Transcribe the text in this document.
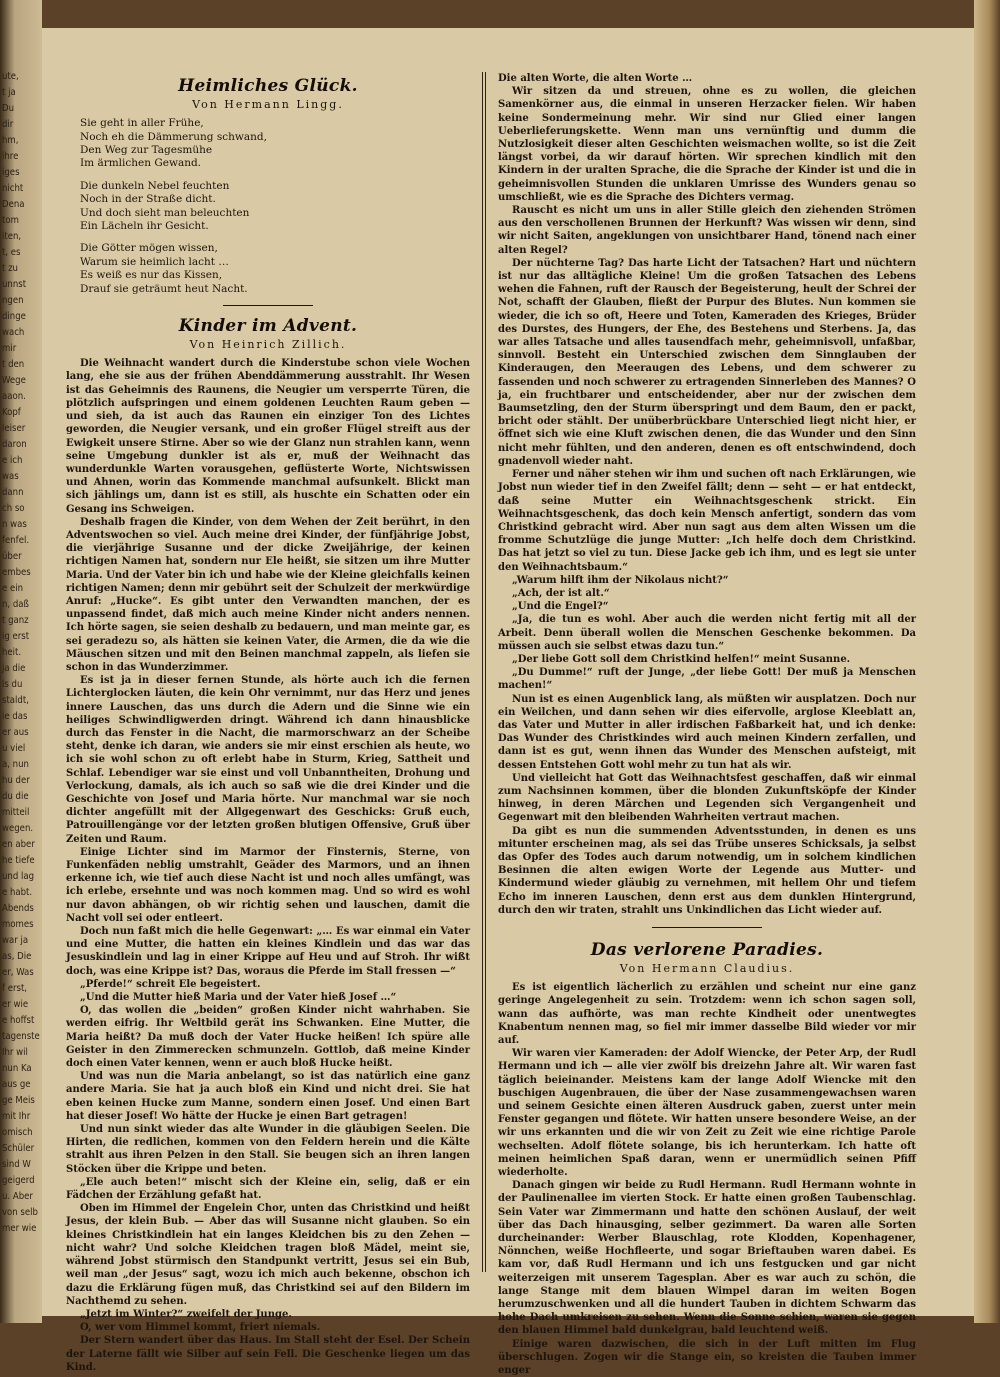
ute,
t ja
Du
dir
hm,
ihre
iges
nicht
Dena
tom
iten,
t, es
t zu
unnst
ngen
dinge
wach
mir
t den
Wege
aaon.
Kopf
leiser
daron
e ich
was
dann
ch so
n was
fenfel.
über
embes
e ein
n, daß
t ganz
ig erst
heit.
ja die
ls du
staldt,
ie das
er aus
u viel
a, nun
hu der
du die
mitteil
wegen.
en aber
he tiefe
und lag
e habt.
Abends
momes
war ja
as, Die
er, Was
f erst,
er wie
e hoffst
tagenste
Ihr wil
nun Ka
aus ge
ge Meis
mit Ihr
omisch
Schüler
sind W
geigerd
u. Aber
von selb
mer wie
Heimliches Glück.
Von Hermann Lingg.

Sie geht in aller Frühe,

Noch eh die Dämmerung schwand,

Den Weg zur Tagesmühe

Im ärmlichen Gewand.

Die dunkeln Nebel feuchten

Noch in der Straße dicht.

Und doch sieht man beleuchten

Ein Lächeln ihr Gesicht.

Die Götter mögen wissen,

Warum sie heimlich lacht …

Es weiß es nur das Kissen,

Drauf sie geträumt heut Nacht.

Kinder im Advent.
Von Heinrich Zillich.

Die Weihnacht wandert durch die Kinderstube schon viele Wochen lang, ehe sie aus der frühen Abenddämmerung ausstrahlt. Ihr Wesen ist das Geheimnis des Raunens, die Neugier um versperrte Türen, die plötzlich aufspringen und einem goldenen Leuchten Raum geben — und sieh, da ist auch das Raunen ein einziger Ton des Lichtes geworden, die Neugier versank, und ein großer Flügel streift aus der Ewigkeit unsere Stirne. Aber so wie der Glanz nun strahlen kann, wenn seine Umgebung dunkler ist als er, muß der Weihnacht das wunderdunkle Warten vorausgehen, geflüsterte Worte, Nichtswissen und Ahnen, worin das Kommende manchmal aufsunkelt. Blickt man sich jählings um, dann ist es still, als huschte ein Schatten oder ein Gesang ins Schweigen.

Deshalb fragen die Kinder, von dem Wehen der Zeit berührt, in den Adventswochen so viel. Auch meine drei Kinder, der fünfjährige Jobst, die vierjährige Susanne und der dicke Zweijährige, der keinen richtigen Namen hat, sondern nur Ele heißt, sie sitzen um ihre Mutter Maria. Und der Vater bin ich und habe wie der Kleine gleichfalls keinen richtigen Namen; denn mir gebührt seit der Schulzeit der merkwürdige Anruf: „Hucke“. Es gibt unter den Verwandten manchen, der es unpassend findet, daß mich auch meine Kinder nicht anders nennen. Ich hörte sagen, sie seien deshalb zu bedauern, und man meinte gar, es sei geradezu so, als hätten sie keinen Vater, die Armen, die da wie die Mäuschen sitzen und mit den Beinen manchmal zappeln, als liefen sie schon in das Wunderzimmer.

Es ist ja in dieser fernen Stunde, als hörte auch ich die fernen Lichterglocken läuten, die kein Ohr vernimmt, nur das Herz und jenes innere Lauschen, das uns durch die Adern und die Sinne wie ein heiliges Schwindligwerden dringt. Während ich dann hinausblicke durch das Fenster in die Nacht, die marmorschwarz an der Scheibe steht, denke ich daran, wie anders sie mir einst erschien als heute, wo ich sie wohl schon zu oft erlebt habe in Sturm, Krieg, Sattheit und Schlaf. Lebendiger war sie einst und voll Unbanntheiten, Drohung und Verlockung, damals, als ich auch so saß wie die drei Kinder und die Geschichte von Josef und Maria hörte. Nur manchmal war sie noch dichter angefüllt mit der Allgegenwart des Geschicks: Gruß euch, Patrouillengänge vor der letzten großen blutigen Offensive, Gruß über Zeiten und Raum.

Einige Lichter sind im Marmor der Finsternis, Sterne, von Funkenfäden neblig umstrahlt, Geäder des Marmors, und an ihnen erkenne ich, wie tief auch diese Nacht ist und noch alles umfängt, was ich erlebe, ersehnte und was noch kommen mag. Und so wird es wohl nur davon abhängen, ob wir richtig sehen und lauschen, damit die Nacht voll sei oder entleert.

Doch nun faßt mich die helle Gegenwart: „… Es war einmal ein Vater und eine Mutter, die hatten ein kleines Kindlein und das war das Jesuskindlein und lag in einer Krippe auf Heu und auf Stroh. Ihr wißt doch, was eine Krippe ist? Das, woraus die Pferde im Stall fressen —“

„Pferde!“ schreit Ele begeistert.

„Und die Mutter hieß Maria und der Vater hieß Josef …“

O, das wollen die „beiden“ großen Kinder nicht wahrhaben. Sie werden eifrig. Ihr Weltbild gerät ins Schwanken. Eine Mutter, die Maria heißt? Da muß doch der Vater Hucke heißen! Ich spüre alle Geister in den Zimmerecken schmunzeln. Gottlob, daß meine Kinder doch einen Vater kennen, wenn er auch bloß Hucke heißt.

Und was nun die Maria anbelangt, so ist das natürlich eine ganz andere Maria. Sie hat ja auch bloß ein Kind und nicht drei. Sie hat eben keinen Hucke zum Manne, sondern einen Josef. Und einen Bart hat dieser Josef! Wo hätte der Hucke je einen Bart getragen!

Und nun sinkt wieder das alte Wunder in die gläubigen Seelen. Die Hirten, die redlichen, kommen von den Feldern herein und die Kälte strahlt aus ihren Pelzen in den Stall. Sie beugen sich an ihren langen Stöcken über die Krippe und beten.

„Ele auch beten!“ mischt sich der Kleine ein, selig, daß er ein Fädchen der Erzählung gefaßt hat.

Oben im Himmel der Engelein Chor, unten das Christkind und heißt Jesus, der klein Bub. — Aber das will Susanne nicht glauben. So ein kleines Christkindlein hat ein langes Kleidchen bis zu den Zehen — nicht wahr? Und solche Kleidchen tragen bloß Mädel, meint sie, während Jobst stürmisch den Standpunkt vertritt, Jesus sei ein Bub, weil man „der Jesus“ sagt, wozu ich mich auch bekenne, obschon ich dazu die Erklärung fügen muß, das Christkind sei auf den Bildern im Nachthemd zu sehen.

„Jetzt im Winter?“ zweifelt der Junge.

O, wer vom Himmel kommt, friert niemals.

Der Stern wandert über das Haus. Im Stall steht der Esel. Der Schein der Laterne fällt wie Silber auf sein Fell. Die Geschenke liegen um das Kind.

Die alten Worte, die alten Worte …

Wir sitzen da und streuen, ohne es zu wollen, die gleichen Samenkörner aus, die einmal in unseren Herzacker fielen. Wir haben keine Sondermeinung mehr. Wir sind nur Glied einer langen Ueberlieferungskette. Wenn man uns vernünftig und dumm die Nutzlosigkeit dieser alten Geschichten weismachen wollte, so ist die Zeit längst vorbei, da wir darauf hörten. Wir sprechen kindlich mit den Kindern in der uralten Sprache, die die Sprache der Kinder ist und die in geheimnisvollen Stunden die unklaren Umrisse des Wunders genau so umschließt, wie es die Sprache des Dichters vermag.

Rauscht es nicht um uns in aller Stille gleich den ziehenden Strömen aus den verschollenen Brunnen der Herkunft? Was wissen wir denn, sind wir nicht Saiten, angeklungen von unsichtbarer Hand, tönend nach einer alten Regel?

Der nüchterne Tag? Das harte Licht der Tatsachen? Hart und nüchtern ist nur das alltägliche Kleine! Um die großen Tatsachen des Lebens wehen die Fahnen, ruft der Rausch der Begeisterung, heult der Schrei der Not, schafft der Glauben, fließt der Purpur des Blutes. Nun kommen sie wieder, die ich so oft, Heere und Toten, Kameraden des Krieges, Brüder des Durstes, des Hungers, der Ehe, des Bestehens und Sterbens. Ja, das war alles Tatsache und alles tausendfach mehr, geheimnisvoll, unfaßbar, sinnvoll. Besteht ein Unterschied zwischen dem Sinnglauben der Kinderaugen, den Meeraugen des Lebens, und dem schwerer zu fassenden und noch schwerer zu ertragenden Sinnerleben des Mannes? O ja, ein fruchtbarer und entscheidender, aber nur der zwischen dem Baumsetzling, den der Sturm überspringt und dem Baum, den er packt, bricht oder stählt. Der unüberbrückbare Unterschied liegt nicht hier, er öffnet sich wie eine Kluft zwischen denen, die das Wunder und den Sinn nicht mehr fühlten, und den anderen, denen es oft entschwindend, doch gnadenvoll wieder naht.

Ferner und näher stehen wir ihm und suchen oft nach Erklärungen, wie Jobst nun wieder tief in den Zweifel fällt; denn — seht — er hat entdeckt, daß seine Mutter ein Weihnachtsgeschenk strickt. Ein Weihnachtsgeschenk, das doch kein Mensch anfertigt, sondern das vom Christkind gebracht wird. Aber nun sagt aus dem alten Wissen um die fromme Schutzlüge die junge Mutter: „Ich helfe doch dem Christkind. Das hat jetzt so viel zu tun. Diese Jacke geb ich ihm, und es legt sie unter den Weihnachtsbaum.“

„Warum hilft ihm der Nikolaus nicht?“

„Ach, der ist alt.“

„Und die Engel?“

„Ja, die tun es wohl. Aber auch die werden nicht fertig mit all der Arbeit. Denn überall wollen die Menschen Geschenke bekommen. Da müssen auch sie selbst etwas dazu tun.“

„Der liebe Gott soll dem Christkind helfen!“ meint Susanne.

„Du Dumme!“ ruft der Junge, „der liebe Gott! Der muß ja Menschen machen!“

Nun ist es einen Augenblick lang, als müßten wir ausplatzen. Doch nur ein Weilchen, und dann sehen wir dies eifervolle, arglose Kleeblatt an, das Vater und Mutter in aller irdischen Faßbarkeit hat, und ich denke: Das Wunder des Christkindes wird auch meinen Kindern zerfallen, und dann ist es gut, wenn ihnen das Wunder des Menschen aufsteigt, mit dessen Entstehen Gott wohl mehr zu tun hat als wir.

Und vielleicht hat Gott das Weihnachtsfest geschaffen, daß wir einmal zum Nachsinnen kommen, über die blonden Zukunftsköpfe der Kinder hinweg, in deren Märchen und Legenden sich Vergangenheit und Gegenwart mit den bleibenden Wahrheiten vertraut machen.

Da gibt es nun die summenden Adventsstunden, in denen es uns mitunter erscheinen mag, als sei das Trübe unseres Schicksals, ja selbst das Opfer des Todes auch darum notwendig, um in solchem kindlichen Besinnen die alten ewigen Worte der Legende aus Mutter- und Kindermund wieder gläubig zu vernehmen, mit hellem Ohr und tiefem Echo im inneren Lauschen, denn erst aus dem dunklen Hintergrund, durch den wir traten, strahlt uns Unkindlichen das Licht wieder auf.

Das verlorene Paradies.
Von Hermann Claudius.

Es ist eigentlich lächerlich zu erzählen und scheint nur eine ganz geringe Angelegenheit zu sein. Trotzdem: wenn ich schon sagen soll, wann das aufhörte, was man rechte Kindheit oder unentwegtes Knabentum nennen mag, so fiel mir immer dasselbe Bild wieder vor mir auf.

Wir waren vier Kameraden: der Adolf Wiencke, der Peter Arp, der Rudl Hermann und ich — alle vier zwölf bis dreizehn Jahre alt. Wir waren fast täglich beieinander. Meistens kam der lange Adolf Wiencke mit den buschigen Augenbrauen, die über der Nase zusammengewachsen waren und seinem Gesichte einen älteren Ausdruck gaben, zuerst unter mein Fenster gegangen und flötete. Wir hatten unsere besondere Weise, an der wir uns erkannten und die wir von Zeit zu Zeit wie eine richtige Parole wechselten. Adolf flötete solange, bis ich herunterkam. Ich hatte oft meinen heimlichen Spaß daran, wenn er unermüdlich seinen Pfiff wiederholte.

Danach gingen wir beide zu Rudl Hermann. Rudl Hermann wohnte in der Paulinenallee im vierten Stock. Er hatte einen großen Taubenschlag. Sein Vater war Zimmermann und hatte den schönen Auslauf, der weit über das Dach hinausging, selber gezimmert. Da waren alle Sorten durcheinander: Werber Blauschlag, rote Klodden, Kopenhagener, Nönnchen, weiße Hochfleerte, und sogar Brieftauben waren dabei. Es kam vor, daß Rudl Hermann und ich uns festgucken und gar nicht weiterzeigen mit unserem Tagesplan. Aber es war auch zu schön, die lange Stange mit dem blauen Wimpel daran im weiten Bogen herumzuschwenken und all die hundert Tauben in dichtem Schwarm das hohe Dach umkreisen zu sehen. Wenn die Sonne schien, waren sie gegen den blauen Himmel bald dunkelgrau, bald leuchtend weiß.

Einige waren dazwischen, die sich in der Luft mitten im Flug überschlugen. Zogen wir die Stange ein, so kreisten die Tauben immer enger
